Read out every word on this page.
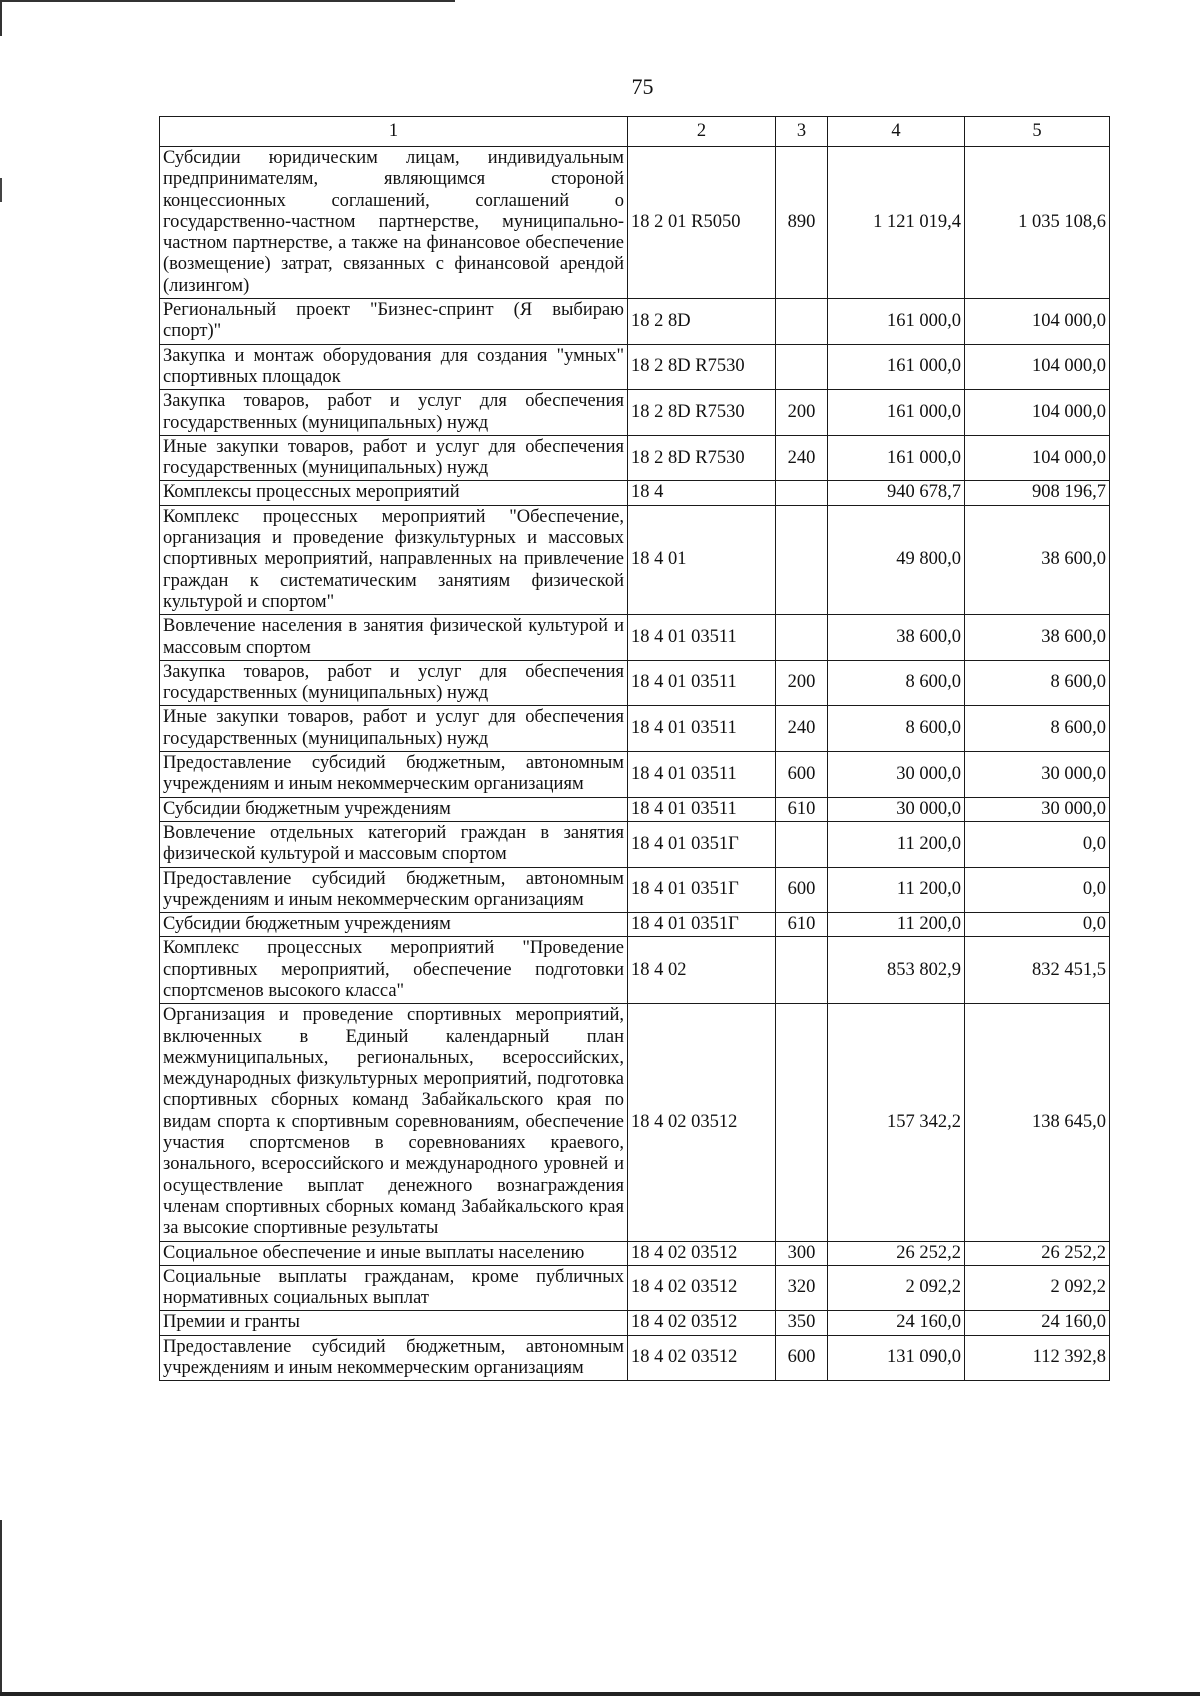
75
1	2	3	4	5
Субсидии юридическим лицам, индивидуальным предпринимателям, являющимся стороной концессионных соглашений, соглашений о государственно-частном партнерстве, муниципально-частном партнерстве, а также на финансовое обеспечение (возмещение) затрат, связанных с финансовой арендой (лизингом)	18 2 01 R5050	890	1 121 019,4	1 035 108,6
Региональный проект "Бизнес-спринт (Я выбираю спорт)"	18 2 8D		161 000,0	104 000,0
Закупка и монтаж оборудования для создания "умных" спортивных площадок	18 2 8D R7530		161 000,0	104 000,0
Закупка товаров, работ и услуг для обеспечения государственных (муниципальных) нужд	18 2 8D R7530	200	161 000,0	104 000,0
Иные закупки товаров, работ и услуг для обеспечения государственных (муниципальных) нужд	18 2 8D R7530	240	161 000,0	104 000,0
Комплексы процессных мероприятий	18 4		940 678,7	908 196,7
Комплекс процессных мероприятий "Обеспечение, организация и проведение физкультурных и массовых спортивных мероприятий, направленных на привлечение граждан к систематическим занятиям физической культурой и спортом"	18 4 01		49 800,0	38 600,0
Вовлечение населения в занятия физической культурой и массовым спортом	18 4 01 03511		38 600,0	38 600,0
Закупка товаров, работ и услуг для обеспечения государственных (муниципальных) нужд	18 4 01 03511	200	8 600,0	8 600,0
Иные закупки товаров, работ и услуг для обеспечения государственных (муниципальных) нужд	18 4 01 03511	240	8 600,0	8 600,0
Предоставление субсидий бюджетным, автономным учреждениям и иным некоммерческим организациям	18 4 01 03511	600	30 000,0	30 000,0
Субсидии бюджетным учреждениям	18 4 01 03511	610	30 000,0	30 000,0
Вовлечение отдельных категорий граждан в занятия физической культурой и массовым спортом	18 4 01 0351Г		11 200,0	0,0
Предоставление субсидий бюджетным, автономным учреждениям и иным некоммерческим организациям	18 4 01 0351Г	600	11 200,0	0,0
Субсидии бюджетным учреждениям	18 4 01 0351Г	610	11 200,0	0,0
Комплекс процессных мероприятий "Проведение спортивных мероприятий, обеспечение подготовки спортсменов высокого класса"	18 4 02		853 802,9	832 451,5
Организация и проведение спортивных мероприятий, включенных в Единый календарный план межмуниципальных, региональных, всероссийских, международных физкультурных мероприятий, подготовка спортивных сборных команд Забайкальского края по видам спорта к спортивным соревнованиям, обеспечение участия спортсменов в соревнованиях краевого, зонального, всероссийского и международного уровней и осуществление выплат денежного вознаграждения членам спортивных сборных команд Забайкальского края за высокие спортивные результаты	18 4 02 03512		157 342,2	138 645,0
Социальное обеспечение и иные выплаты населению	18 4 02 03512	300	26 252,2	26 252,2
Социальные выплаты гражданам, кроме публичных нормативных социальных выплат	18 4 02 03512	320	2 092,2	2 092,2
Премии и гранты	18 4 02 03512	350	24 160,0	24 160,0
Предоставление субсидий бюджетным, автономным учреждениям и иным некоммерческим организациям	18 4 02 03512	600	131 090,0	112 392,8
